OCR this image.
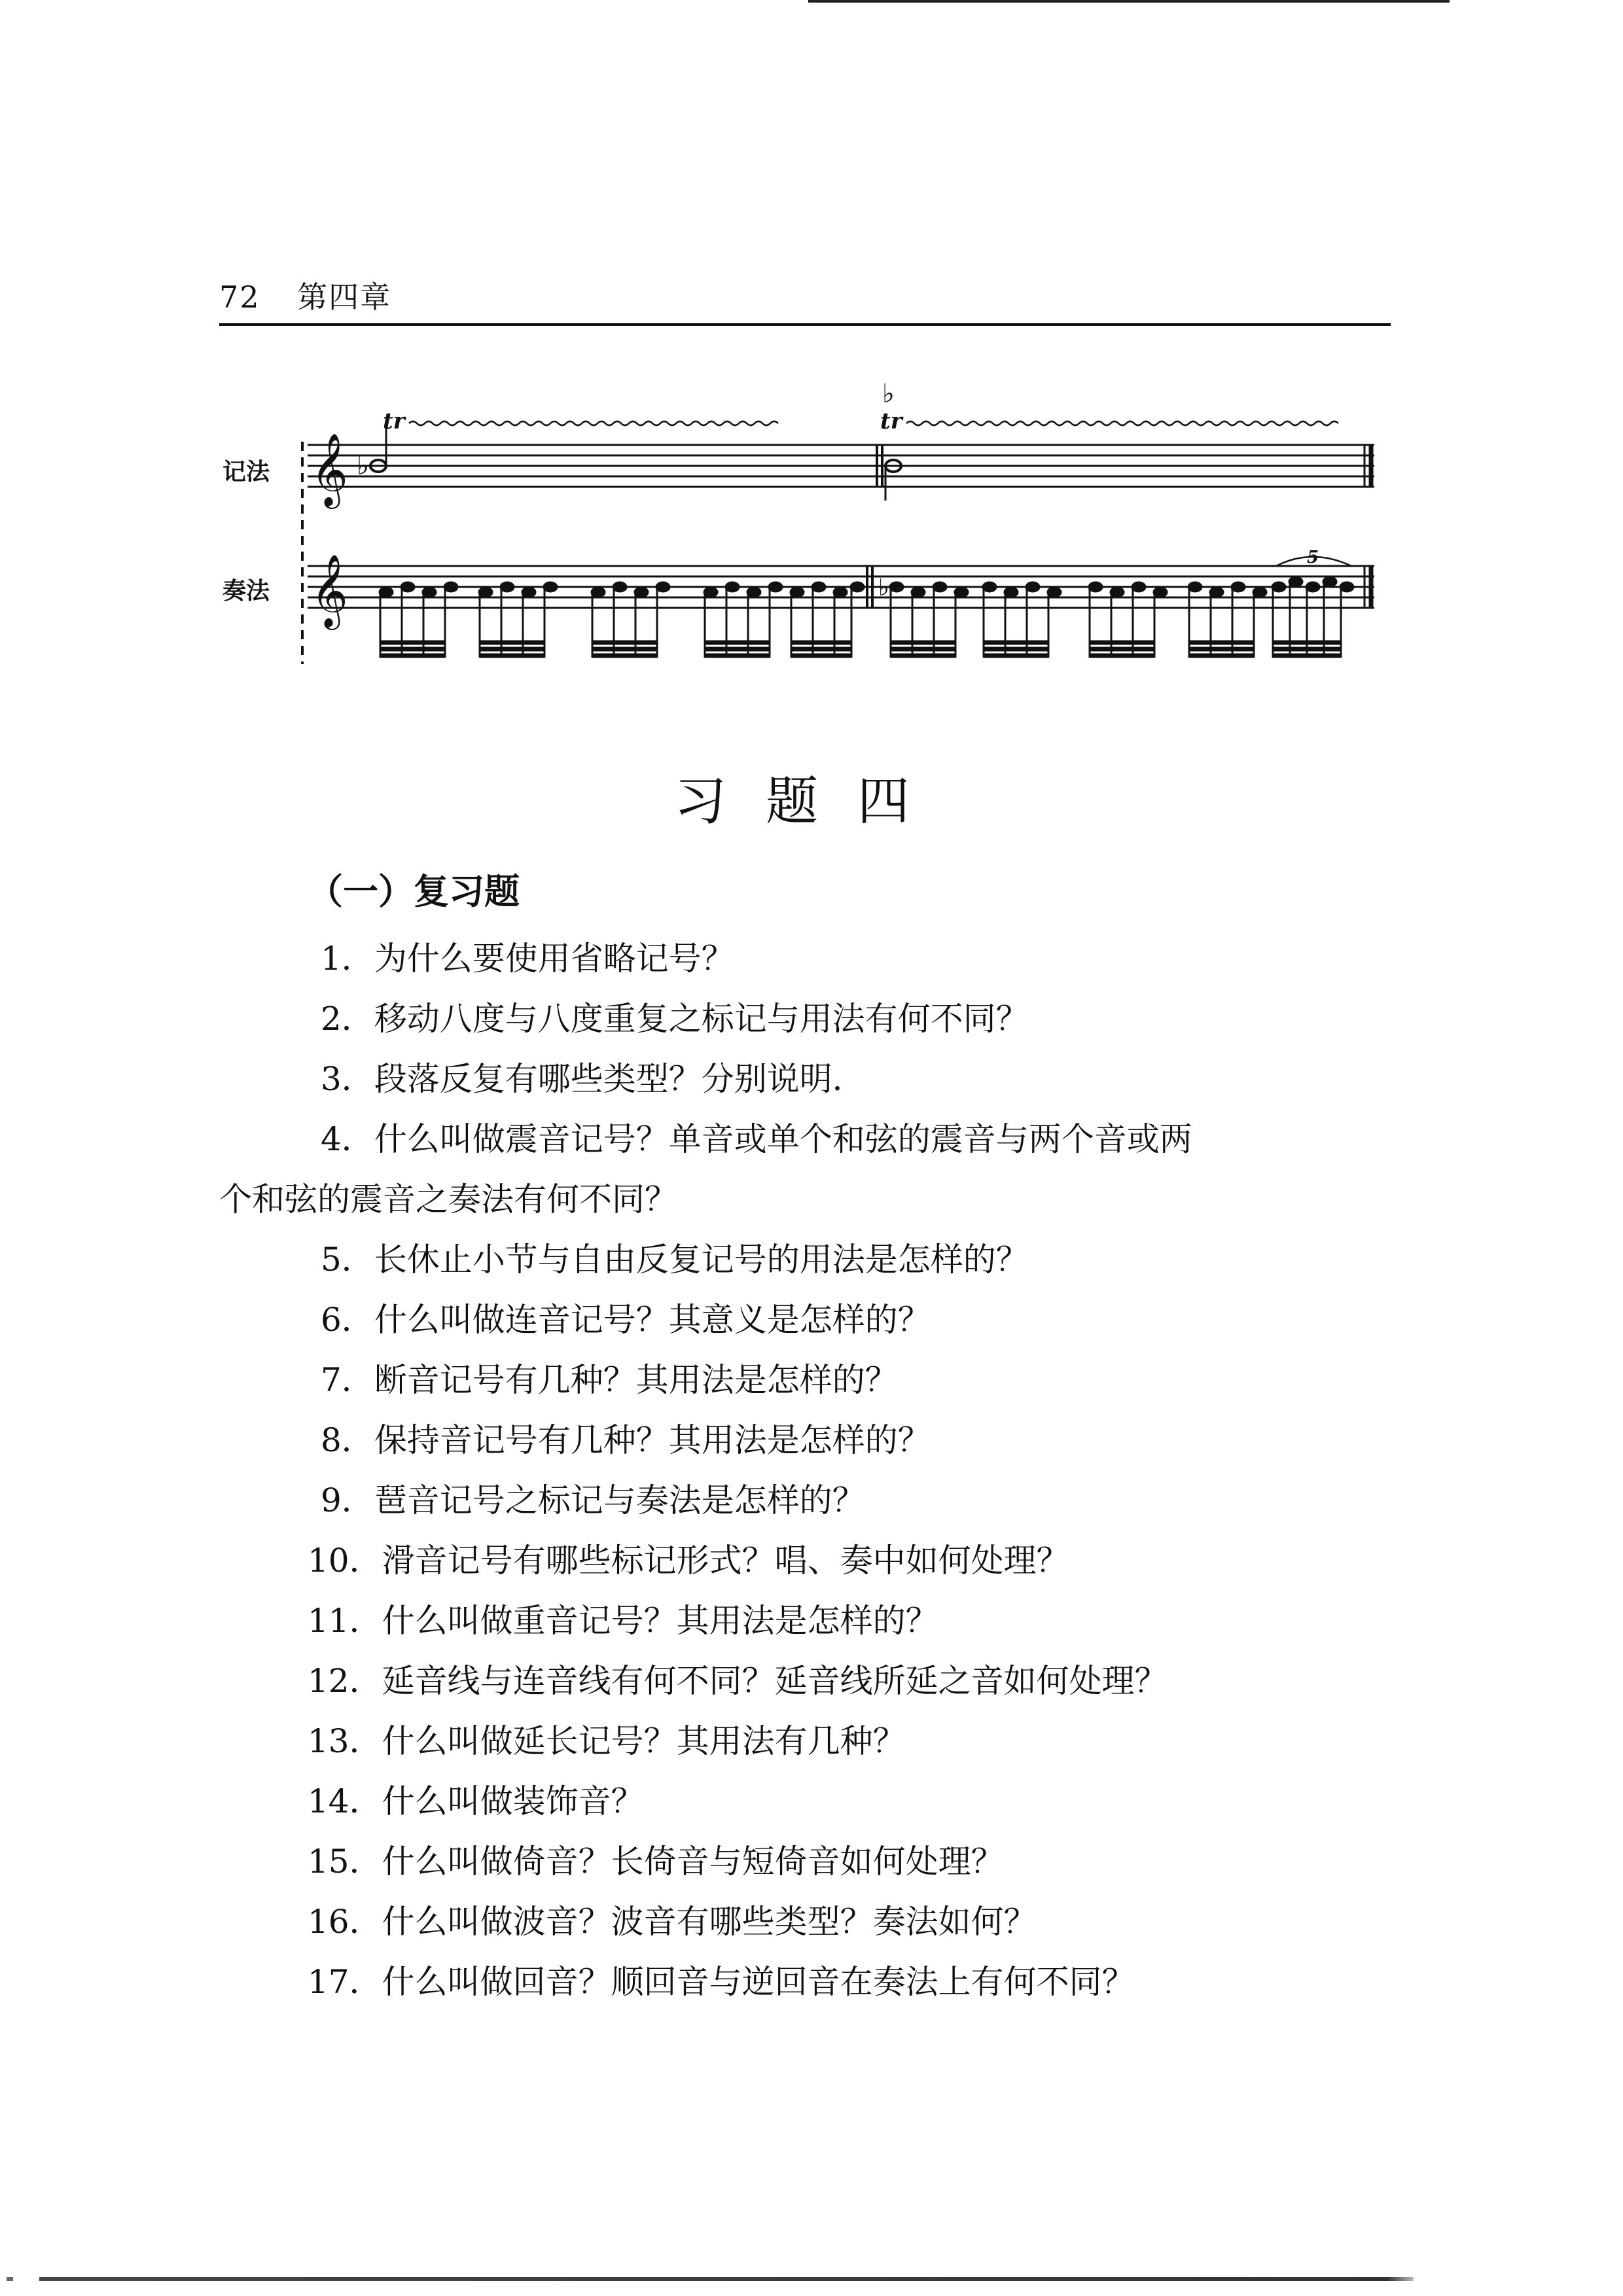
72 第四章
记法
奏法
𝄞 ♭
tr
♭
tr
𝄞	♭
5
习题四
（一）复习题
1．为什么要使用省略记号？
2．移动八度与八度重复之标记与用法有何不同？
3．段落反复有哪些类型？分别说明．
4．什么叫做震音记号？单音或单个和弦的震音与两个音或两
个和弦的震音之奏法有何不同？
5．长休止小节与自由反复记号的用法是怎样的？
6．什么叫做连音记号？其意义是怎样的？
7．断音记号有几种？其用法是怎样的？
8．保持音记号有几种？其用法是怎样的？
9．琶音记号之标记与奏法是怎样的？
10．滑音记号有哪些标记形式？唱、奏中如何处理？
11．什么叫做重音记号？其用法是怎样的？
12．延音线与连音线有何不同？延音线所延之音如何处理？
13．什么叫做延长记号？其用法有几种？
14．什么叫做装饰音？
15．什么叫做倚音？长倚音与短倚音如何处理？
16．什么叫做波音？波音有哪些类型？奏法如何？
17．什么叫做回音？顺回音与逆回音在奏法上有何不同？
